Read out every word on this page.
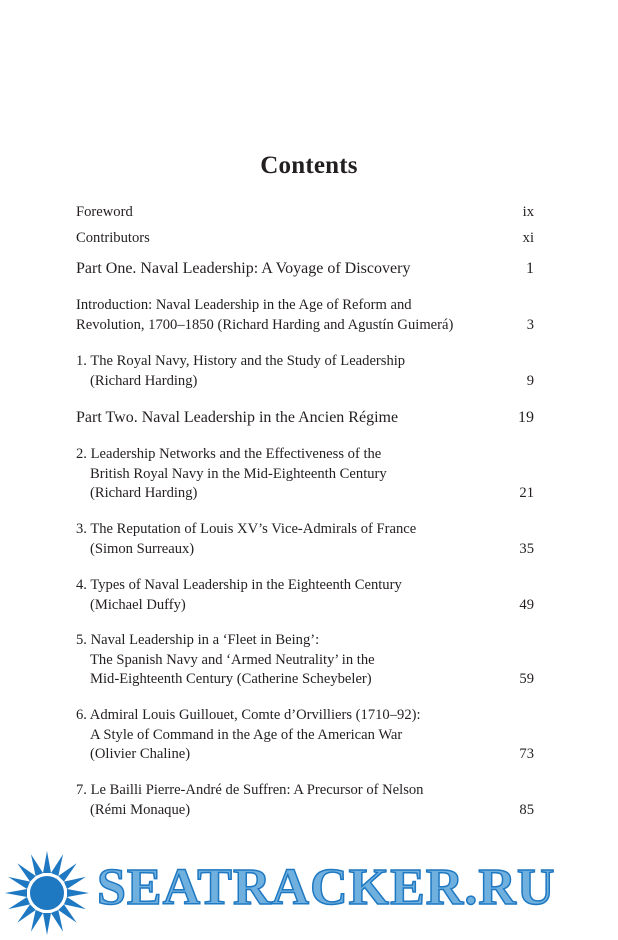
Contents
Foreword	ix
Contributors	xi
Part One. Naval Leadership: A Voyage of Discovery	1
Introduction: Naval Leadership in the Age of Reform and
Revolution, 1700–1850 (Richard Harding and Agustín Guimerá)	3
1. The Royal Navy, History and the Study of Leadership
(Richard Harding)	9
Part Two. Naval Leadership in the Ancien Régime	19
2. Leadership Networks and the Effectiveness of the
British Royal Navy in the Mid-Eighteenth Century
(Richard Harding)	21
3. The Reputation of Louis XV’s Vice-Admirals of France
(Simon Surreaux)	35
4. Types of Naval Leadership in the Eighteenth Century
(Michael Duffy)	49
5. Naval Leadership in a ‘Fleet in Being’:
The Spanish Navy and ‘Armed Neutrality’ in the
Mid-Eighteenth Century (Catherine Scheybeler)	59
6. Admiral Louis Guillouet, Comte d’Orvilliers (1710–92):
A Style of Command in the Age of the American War
(Olivier Chaline)	73
7. Le Bailli Pierre-André de Suffren: A Precursor of Nelson
(Rémi Monaque)	85
SEATRACKER.RU
